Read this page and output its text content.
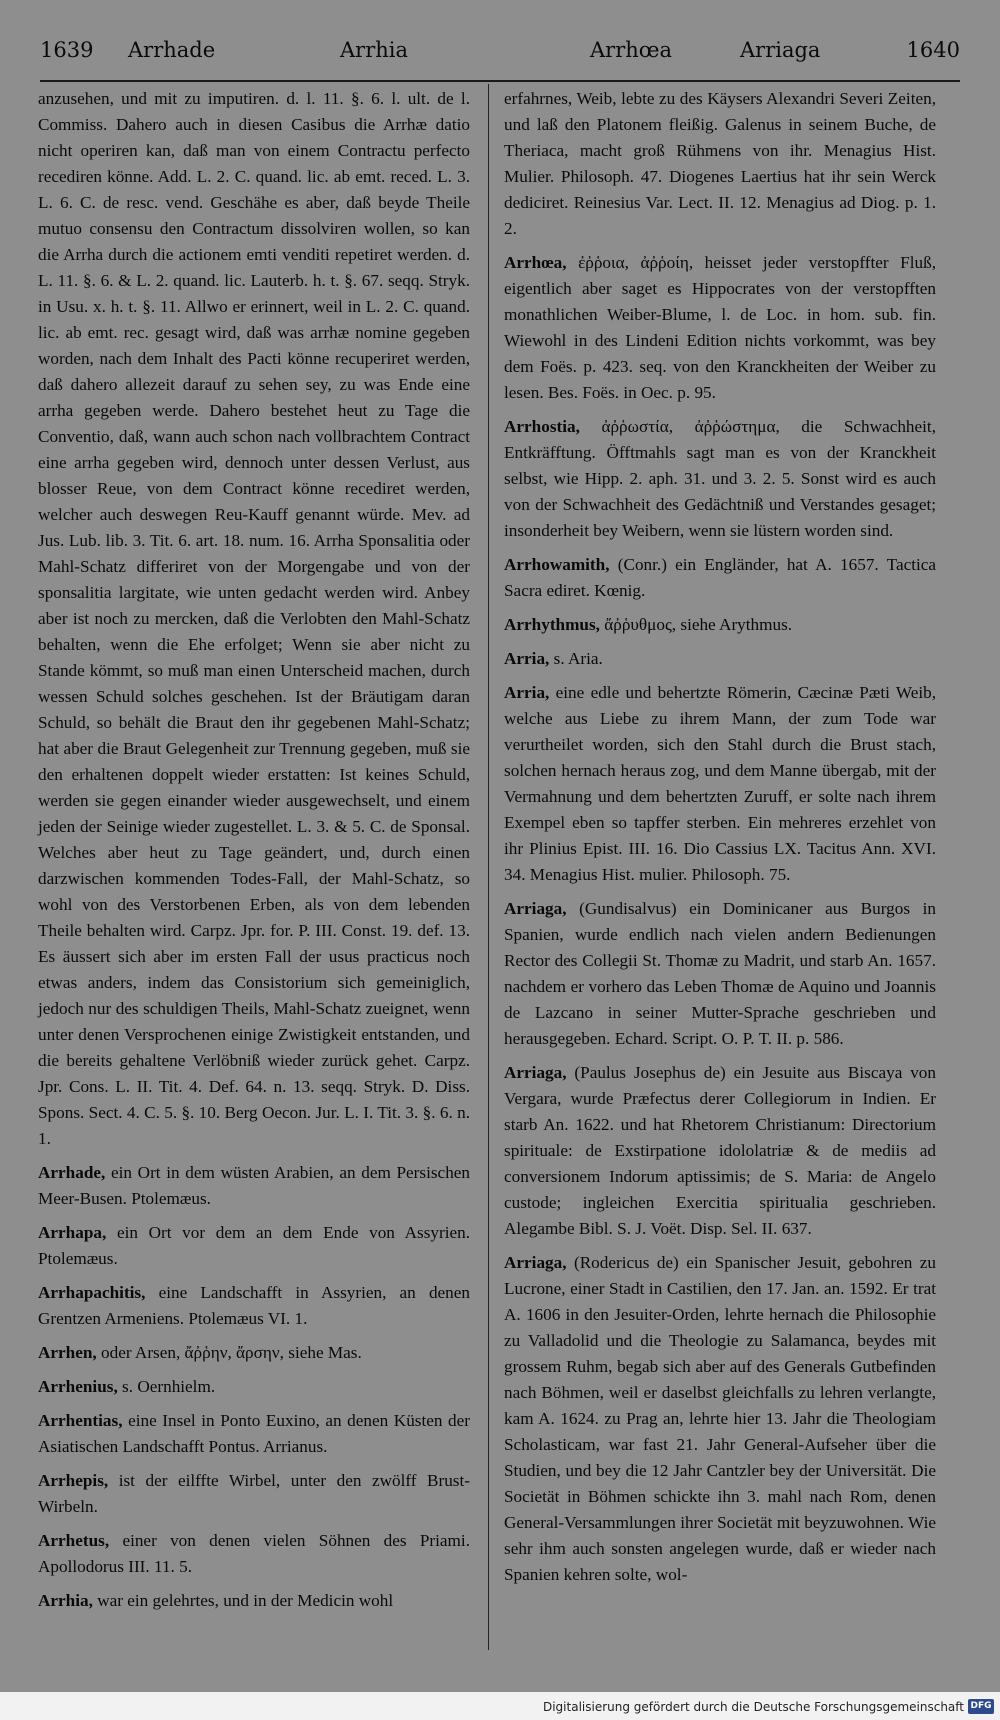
1639 Arrhade	Arrhia	Arrhœa	Arriaga	1640

anzusehen, und mit zu imputiren. d. l. 11. §. 6. l. ult. de l. Commiss. Dahero auch in diesen Casibus die Arrhæ datio nicht operiren kan, daß man von einem Contractu perfecto recediren könne. Add. L. 2. C. quand. lic. ab emt. reced. L. 3. L. 6. C. de resc. vend. Geschähe es aber, daß beyde Theile mutuo consensu den Contractum dissolviren wollen, so kan die Arrha durch die actionem emti venditi repetiret werden. d. L. 11. §. 6. & L. 2. quand. lic. Lauterb. h. t. §. 67. seqq. Stryk. in Usu. x. h. t. §. 11. Allwo er erinnert, weil in L. 2. C. quand. lic. ab emt. rec. gesagt wird, daß was arrhæ nomine gegeben worden, nach dem Inhalt des Pacti könne recuperiret werden, daß dahero allezeit darauf zu sehen sey, zu was Ende eine arrha gegeben werde. Dahero bestehet heut zu Tage die Conventio, daß, wann auch schon nach vollbrachtem Contract eine arrha gegeben wird, dennoch unter dessen Verlust, aus blosser Reue, von dem Contract könne recediret werden, welcher auch deswegen Reu-Kauff genannt würde. Mev. ad Jus. Lub. lib. 3. Tit. 6. art. 18. num. 16. Arrha Sponsalitia oder Mahl-Schatz differiret von der Morgengabe und von der sponsalitia largitate, wie unten gedacht werden wird. Anbey aber ist noch zu mercken, daß die Verlobten den Mahl-Schatz behalten, wenn die Ehe erfolget; Wenn sie aber nicht zu Stande kömmt, so muß man einen Unterscheid machen, durch wessen Schuld solches geschehen. Ist der Bräutigam daran Schuld, so behält die Braut den ihr gegebenen Mahl-Schatz; hat aber die Braut Gelegenheit zur Trennung gegeben, muß sie den erhaltenen doppelt wieder erstatten: Ist keines Schuld, werden sie gegen einander wieder ausgewechselt, und einem jeden der Seinige wieder zugestellet. L. 3. & 5. C. de Sponsal. Welches aber heut zu Tage geändert, und, durch einen darzwischen kommenden Todes-Fall, der Mahl-Schatz, so wohl von des Verstorbenen Erben, als von dem lebenden Theile behalten wird. Carpz. Jpr. for. P. III. Const. 19. def. 13. Es äussert sich aber im ersten Fall der usus practicus noch etwas anders, indem das Consistorium sich gemeiniglich, jedoch nur des schuldigen Theils, Mahl-Schatz zueignet, wenn unter denen Versprochenen einige Zwistigkeit entstanden, und die bereits gehaltene Verlöbniß wieder zurück gehet. Carpz. Jpr. Cons. L. II. Tit. 4. Def. 64. n. 13. seqq. Stryk. D. Diss. Spons. Sect. 4. C. 5. §. 10. Berg Oecon. Jur. L. I. Tit. 3. §. 6. n. 1.

Arrhade, ein Ort in dem wüsten Arabien, an dem Persischen Meer-Busen. Ptolemæus.

Arrhapa, ein Ort vor dem an dem Ende von Assyrien. Ptolemæus.

Arrhapachitis, eine Landschafft in Assyrien, an denen Grentzen Armeniens. Ptolemæus VI. 1.

Arrhen, oder Arsen, ἄῤῥην, ἄρσην, siehe Mas.

Arrhenius, s. Oernhielm.

Arrhentias, eine Insel in Ponto Euxino, an denen Küsten der Asiatischen Landschafft Pontus. Arrianus.

Arrhepis, ist der eilffte Wirbel, unter den zwölff Brust-Wirbeln.

Arrhetus, einer von denen vielen Söhnen des Priami. Apollodorus III. 11. 5.

Arrhia, war ein gelehrtes, und in der Medicin wohl

erfahrnes, Weib, lebte zu des Käysers Alexandri Severi Zeiten, und laß den Platonem fleißig. Galenus in seinem Buche, de Theriaca, macht groß Rühmens von ihr. Menagius Hist. Mulier. Philosoph. 47. Diogenes Laertius hat ihr sein Werck dediciret. Reinesius Var. Lect. II. 12. Menagius ad Diog. p. 1. 2.

Arrhœa, ἐῤῥοια, ἀῤῥοίη, heisset jeder verstopffter Fluß, eigentlich aber saget es Hippocrates von der verstopfften monathlichen Weiber-Blume, l. de Loc. in hom. sub. fin. Wiewohl in des Lindeni Edition nichts vorkommt, was bey dem Foës. p. 423. seq. von den Kranckheiten der Weiber zu lesen. Bes. Foës. in Oec. p. 95.

Arrhostia, ἀῤῥωστία, ἀῤῥώστημα, die Schwachheit, Entkräfftung. Öfftmahls sagt man es von der Kranckheit selbst, wie Hipp. 2. aph. 31. und 3. 2. 5. Sonst wird es auch von der Schwachheit des Gedächtniß und Verstandes gesaget; insonderheit bey Weibern, wenn sie lüstern worden sind.

Arrhowamith, (Conr.) ein Engländer, hat A. 1657. Tactica Sacra ediret. Kœnig.

Arrhythmus, ἄῤῥυθμος, siehe Arythmus.

Arria, s. Aria.

Arria, eine edle und behertzte Römerin, Cæcinæ Pæti Weib, welche aus Liebe zu ihrem Mann, der zum Tode war verurtheilet worden, sich den Stahl durch die Brust stach, solchen hernach heraus zog, und dem Manne übergab, mit der Vermahnung und dem behertzten Zuruff, er solte nach ihrem Exempel eben so tapffer sterben. Ein mehreres erzehlet von ihr Plinius Epist. III. 16. Dio Cassius LX. Tacitus Ann. XVI. 34. Menagius Hist. mulier. Philosoph. 75.

Arriaga, (Gundisalvus) ein Dominicaner aus Burgos in Spanien, wurde endlich nach vielen andern Bedienungen Rector des Collegii St. Thomæ zu Madrit, und starb An. 1657. nachdem er vorhero das Leben Thomæ de Aquino und Joannis de Lazcano in seiner Mutter-Sprache geschrieben und herausgegeben. Echard. Script. O. P. T. II. p. 586.

Arriaga, (Paulus Josephus de) ein Jesuite aus Biscaya von Vergara, wurde Præfectus derer Collegiorum in Indien. Er starb An. 1622. und hat Rhetorem Christianum: Directorium spirituale: de Exstirpatione idololatriæ & de mediis ad conversionem Indorum aptissimis; de S. Maria: de Angelo custode; ingleichen Exercitia spiritualia geschrieben. Alegambe Bibl. S. J. Voët. Disp. Sel. II. 637.

Arriaga, (Rodericus de) ein Spanischer Jesuit, gebohren zu Lucrone, einer Stadt in Castilien, den 17. Jan. an. 1592. Er trat A. 1606 in den Jesuiter-Orden, lehrte hernach die Philosophie zu Valladolid und die Theologie zu Salamanca, beydes mit grossem Ruhm, begab sich aber auf des Generals Gutbefinden nach Böhmen, weil er daselbst gleichfalls zu lehren verlangte, kam A. 1624. zu Prag an, lehrte hier 13. Jahr die Theologiam Scholasticam, war fast 21. Jahr General-Aufseher über die Studien, und bey die 12 Jahr Cantzler bey der Universität. Die Societät in Böhmen schickte ihn 3. mahl nach Rom, denen General-Versammlungen ihrer Societät mit beyzuwohnen. Wie sehr ihm auch sonsten angelegen wurde, daß er wieder nach Spanien kehren solte, wol-

Digitalisierung gefördert durch die Deutsche Forschungsgemeinschaft DFG
